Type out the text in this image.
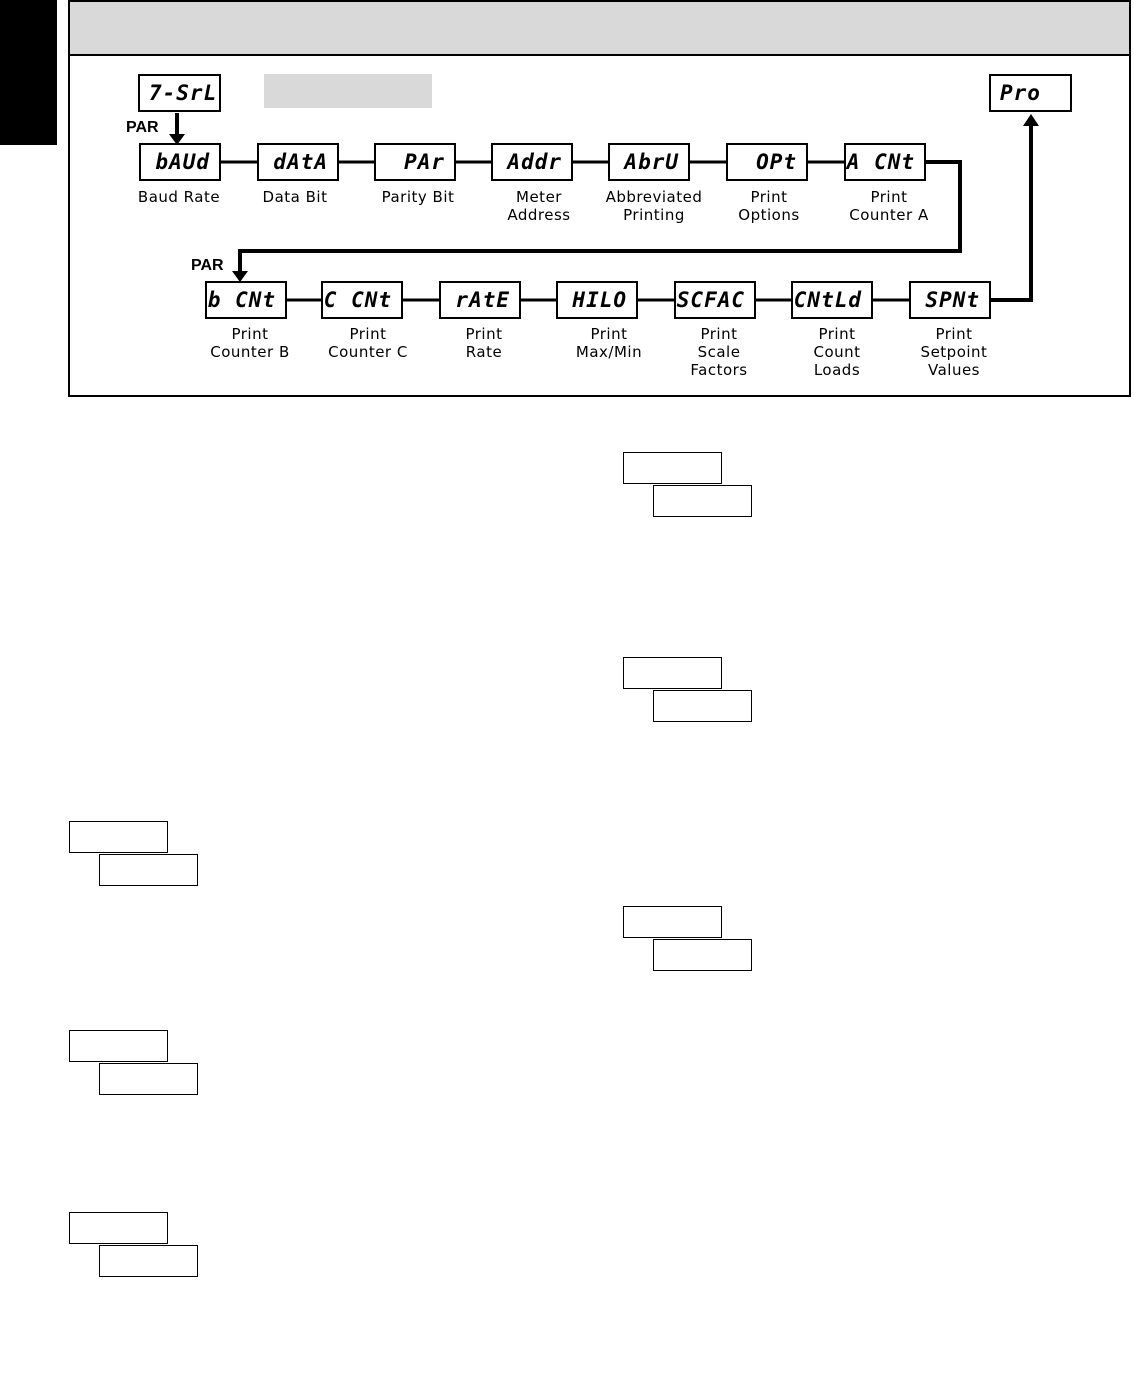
7-SrL	Pro
PAR
PAR
bAUd	dAtA	PAr	Addr	AbrU	OPt	A CNt
Baud Rate	Data Bit	Parity Bit	Meter
Address
Abbreviated
Printing
Print
Options
Print
Counter A
b CNt	C CNt	rAtE	HILO	SCFAC	CNtLd	SPNt
Print
Counter B
Print
Counter C
Print
Rate
Print
Max/Min
Print
Scale
Factors
Print
Count
Loads
Print
Setpoint
Values
